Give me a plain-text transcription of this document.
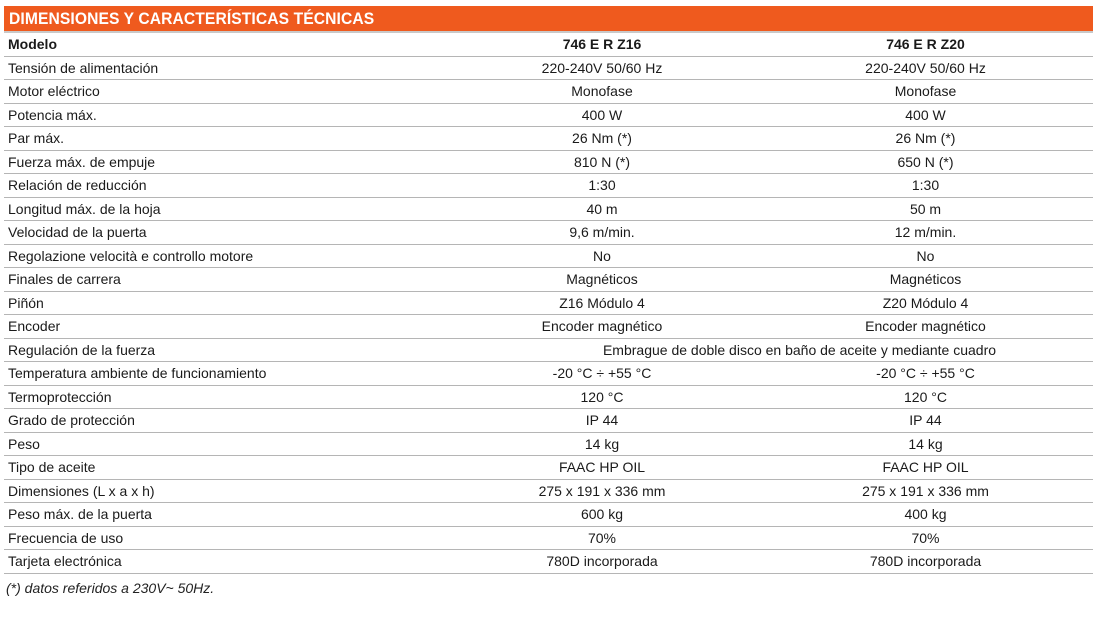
DIMENSIONES Y CARACTERÍSTICAS TÉCNICAS
Modelo	746 E R Z16	746 E R Z20
Tensión de alimentación	220-240V 50/60 Hz	220-240V 50/60 Hz
Motor eléctrico	Monofase	Monofase
Potencia máx.	400 W	400 W
Par máx.	26 Nm (*)	26 Nm (*)
Fuerza máx. de empuje	810 N (*)	650 N (*)
Relación de reducción	1:30	1:30
Longitud máx. de la hoja	40 m	50 m
Velocidad de la puerta	9,6 m/min.	12 m/min.
Regolazione velocità e controllo motore	No	No
Finales de carrera	Magnéticos	Magnéticos
Piñón	Z16 Módulo 4	Z20 Módulo 4
Encoder	Encoder magnético	Encoder magnético
Regulación de la fuerza	Embrague de doble disco en baño de aceite y mediante cuadro	
Temperatura ambiente de funcionamiento	-20 °C ÷ +55 °C	-20 °C ÷ +55 °C
Termoprotección	120 °C	120 °C
Grado de protección	IP 44	IP 44
Peso	14 kg	14 kg
Tipo de aceite	FAAC HP OIL	FAAC HP OIL
Dimensiones (L x a x h)	275 x 191 x 336 mm	275 x 191 x 336 mm
Peso máx. de la puerta	600 kg	400 kg
Frecuencia de uso	70%	70%
Tarjeta electrónica	780D incorporada	780D incorporada
(*) datos referidos a 230V~ 50Hz.
